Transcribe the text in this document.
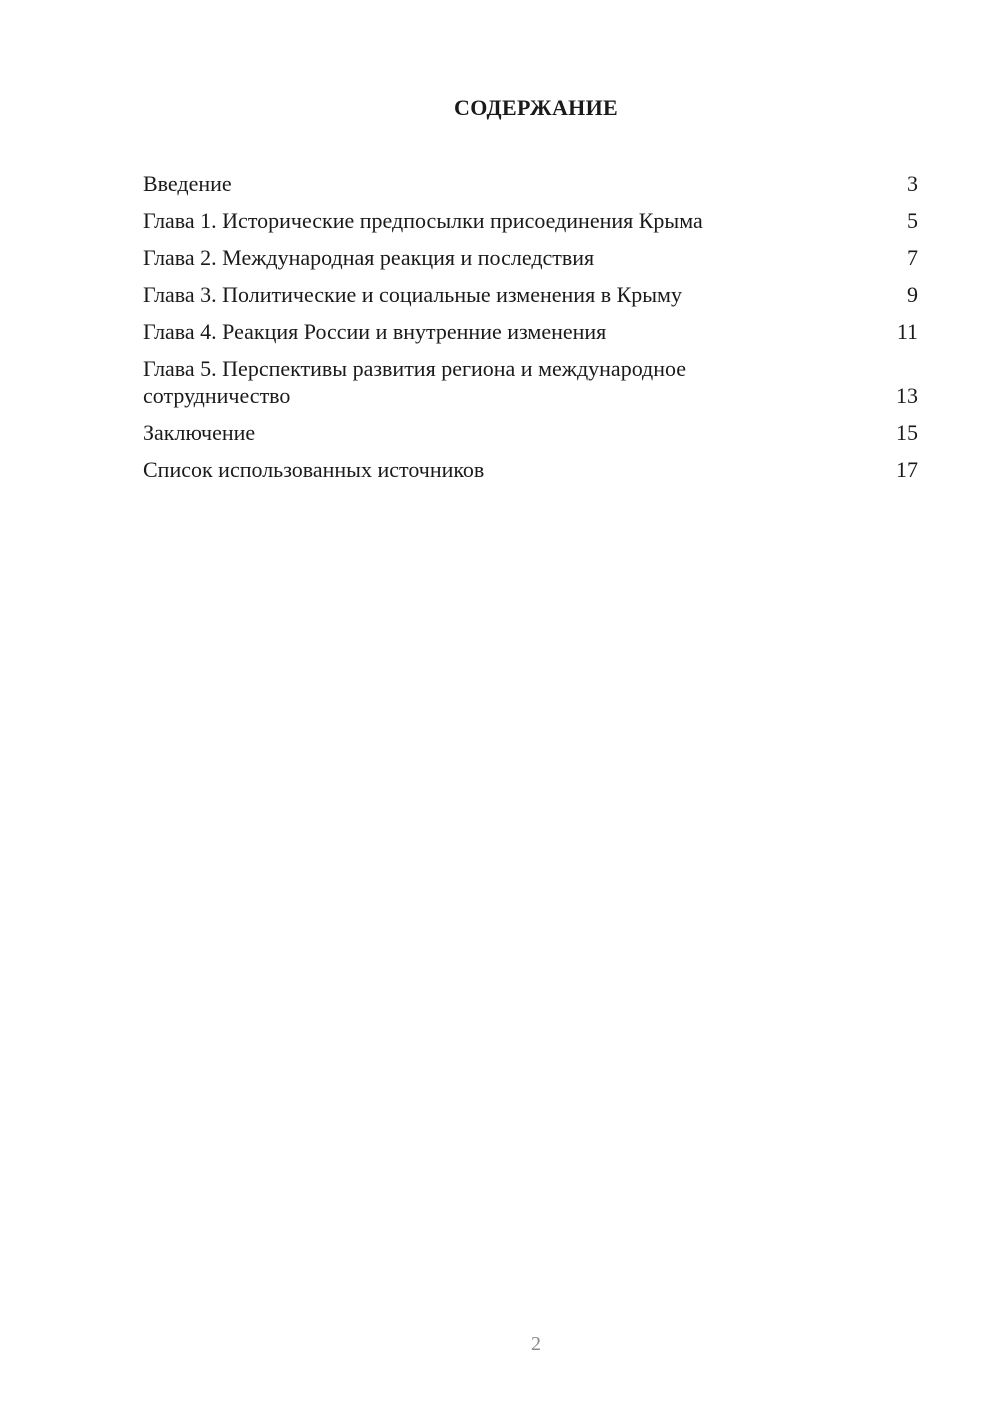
СОДЕРЖАНИЕ
Введение	3
Глава 1. Исторические предпосылки присоединения Крыма	5
Глава 2. Международная реакция и последствия	7
Глава 3. Политические и социальные изменения в Крыму	9
Глава 4. Реакция России и внутренние изменения	11
Глава 5. Перспективы развития региона и международное сотрудничество	13
Заключение	15
Список использованных источников	17
2
